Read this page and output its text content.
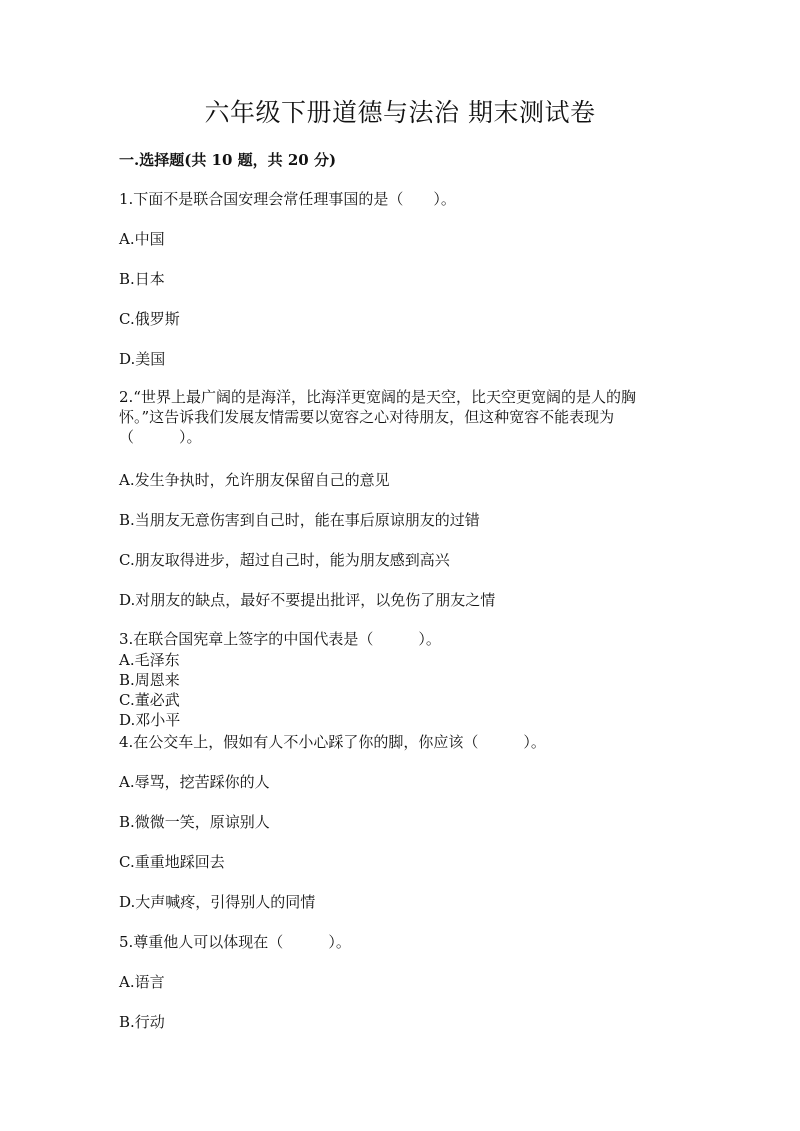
六年级下册道德与法治 期末测试卷
一.选择题(共 10 题，共 20 分)
1.下面不是联合国安理会常任理事国的是（　　）。
A.中国
B.日本
C.俄罗斯
D.美国
2.“世界上最广阔的是海洋，比海洋更宽阔的是天空，比天空更宽阔的是人的胸怀。”这告诉我们发展友情需要以宽容之心对待朋友，但这种宽容不能表现为（　　　）。
A.发生争执时，允许朋友保留自己的意见
B.当朋友无意伤害到自己时，能在事后原谅朋友的过错
C.朋友取得进步，超过自己时，能为朋友感到高兴
D.对朋友的缺点，最好不要提出批评，以免伤了朋友之情
3.在联合国宪章上签字的中国代表是（　　　）。
A.毛泽东
B.周恩来
C.董必武
D.邓小平
4.在公交车上，假如有人不小心踩了你的脚，你应该（　　　）。
A.辱骂，挖苦踩你的人
B.微微一笑，原谅别人
C.重重地踩回去
D.大声喊疼，引得别人的同情
5.尊重他人可以体现在（　　　）。
A.语言
B.行动
